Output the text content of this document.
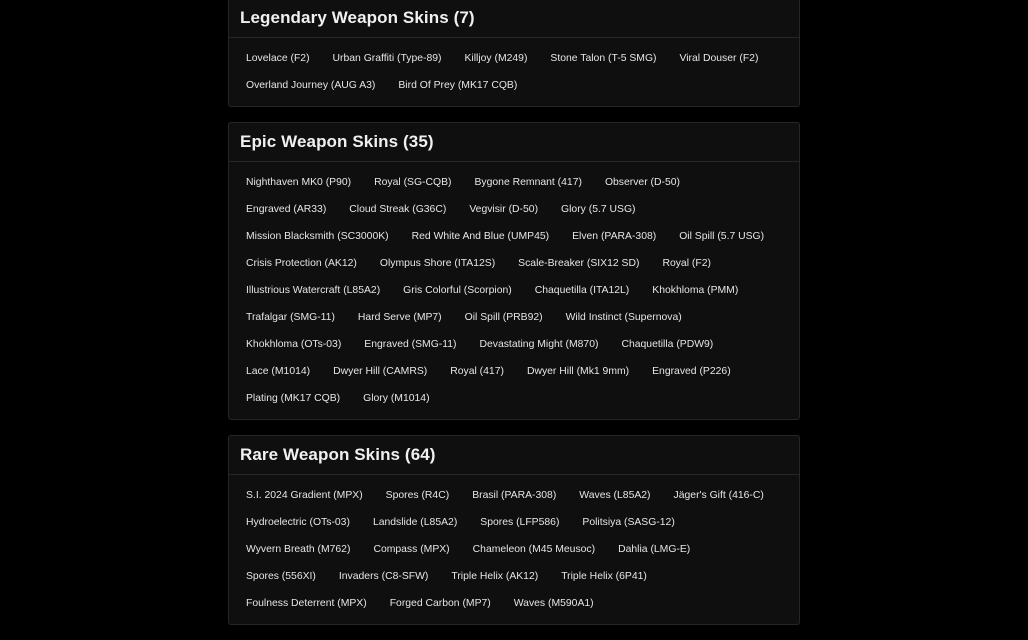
Legendary Weapon Skins (7)
Lovelace (F2)	Urban Graffiti (Type-89)	Killjoy (M249)	Stone Talon (T-5 SMG)	Viral Douser (F2)
Overland Journey (AUG A3)	Bird Of Prey (MK17 CQB)
Epic Weapon Skins (35)
Nighthaven MK0 (P90)	Royal (SG-CQB)	Bygone Remnant (417)	Observer (D-50)
Engraved (AR33)	Cloud Streak (G36C)	Vegvisir (D-50)	Glory (5.7 USG)
Mission Blacksmith (SC3000K)	Red White And Blue (UMP45)	Elven (PARA-308)	Oil Spill (5.7 USG)
Crisis Protection (AK12)	Olympus Shore (ITA12S)	Scale-Breaker (SIX12 SD)	Royal (F2)
Illustrious Watercraft (L85A2)	Gris Colorful (Scorpion)	Chaquetilla (ITA12L)	Khokhloma (PMM)
Trafalgar (SMG-11)	Hard Serve (MP7)	Oil Spill (PRB92)	Wild Instinct (Supernova)
Khokhloma (OTs-03)	Engraved (SMG-11)	Devastating Might (M870)	Chaquetilla (PDW9)
Lace (M1014)	Dwyer Hill (CAMRS)	Royal (417)	Dwyer Hill (Mk1 9mm)	Engraved (P226)
Plating (MK17 CQB)	Glory (M1014)
Rare Weapon Skins (64)
S.I. 2024 Gradient (MPX)	Spores (R4C)	Brasil (PARA-308)	Waves (L85A2)	Jäger's Gift (416-C)
Hydroelectric (OTs-03)	Landslide (L85A2)	Spores (LFP586)	Politsiya (SASG-12)
Wyvern Breath (M762)	Compass (MPX)	Chameleon (M45 Meusoc)	Dahlia (LMG-E)
Spores (556XI)	Invaders (C8-SFW)	Triple Helix (AK12)	Triple Helix (6P41)
Foulness Deterrent (MPX)	Forged Carbon (MP7)	Waves (M590A1)
